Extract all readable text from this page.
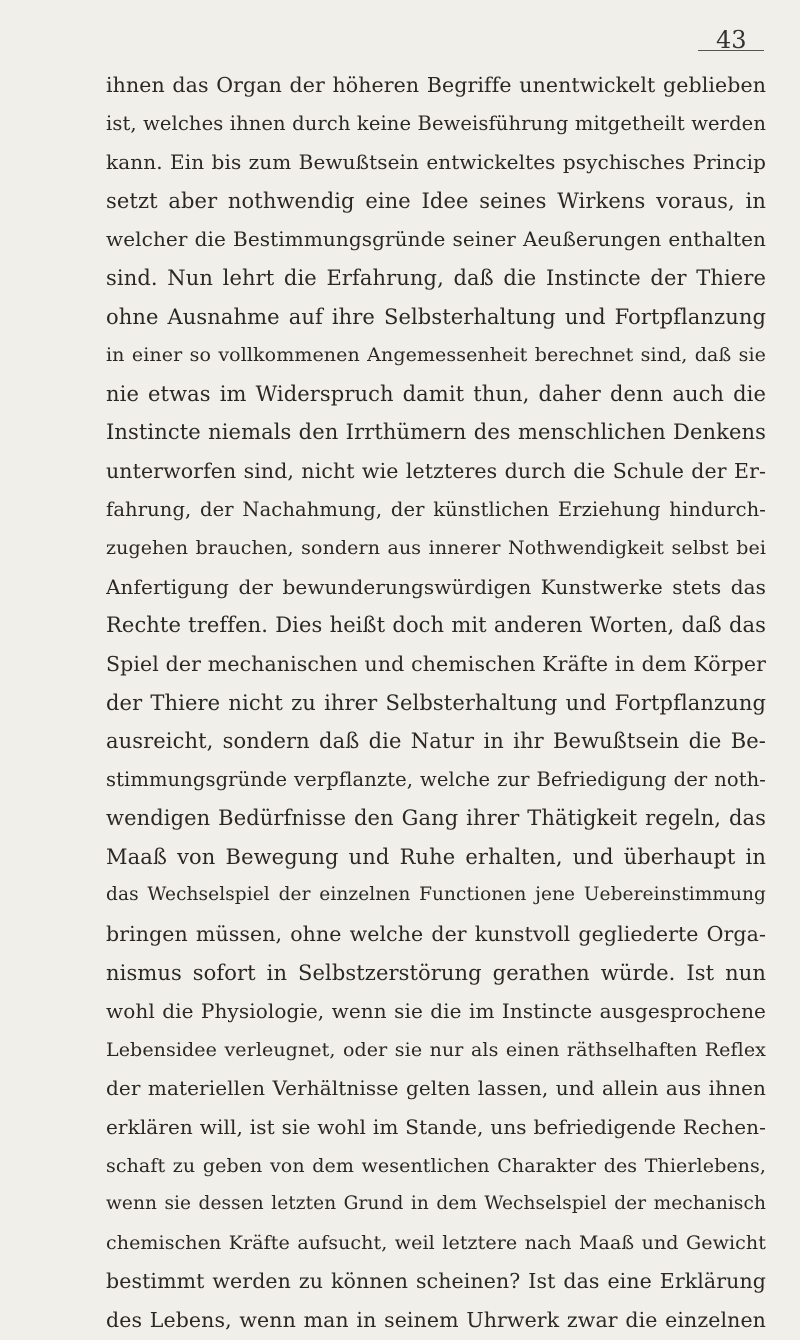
43
ihnen das Organ der höheren Begriffe unentwickelt geblieben
ist, welches ihnen durch keine Beweisführung mitgetheilt werden
kann. Ein bis zum Bewußtsein entwickeltes psychisches Princip
setzt aber nothwendig eine Idee seines Wirkens voraus, in
welcher die Bestimmungsgründe seiner Aeußerungen enthalten
sind. Nun lehrt die Erfahrung, daß die Instincte der Thiere
ohne Ausnahme auf ihre Selbsterhaltung und Fortpflanzung
in einer so vollkommenen Angemessenheit berechnet sind, daß sie
nie etwas im Widerspruch damit thun, daher denn auch die
Instincte niemals den Irrthümern des menschlichen Denkens
unterworfen sind, nicht wie letzteres durch die Schule der Er-
fahrung, der Nachahmung, der künstlichen Erziehung hindurch-
zugehen brauchen, sondern aus innerer Nothwendigkeit selbst bei
Anfertigung der bewunderungswürdigen Kunstwerke stets das
Rechte treffen. Dies heißt doch mit anderen Worten, daß das
Spiel der mechanischen und chemischen Kräfte in dem Körper
der Thiere nicht zu ihrer Selbsterhaltung und Fortpflanzung
ausreicht, sondern daß die Natur in ihr Bewußtsein die Be-
stimmungsgründe verpflanzte, welche zur Befriedigung der noth-
wendigen Bedürfnisse den Gang ihrer Thätigkeit regeln, das
Maaß von Bewegung und Ruhe erhalten, und überhaupt in
das Wechselspiel der einzelnen Functionen jene Uebereinstimmung
bringen müssen, ohne welche der kunstvoll gegliederte Orga-
nismus sofort in Selbstzerstörung gerathen würde. Ist nun
wohl die Physiologie, wenn sie die im Instincte ausgesprochene
Lebensidee verleugnet, oder sie nur als einen räthselhaften Reflex
der materiellen Verhältnisse gelten lassen, und allein aus ihnen
erklären will, ist sie wohl im Stande, uns befriedigende Rechen-
schaft zu geben von dem wesentlichen Charakter des Thierlebens,
wenn sie dessen letzten Grund in dem Wechselspiel der mechanisch
chemischen Kräfte aufsucht, weil letztere nach Maaß und Gewicht
bestimmt werden zu können scheinen? Ist das eine Erklärung
des Lebens, wenn man in seinem Uhrwerk zwar die einzelnen
